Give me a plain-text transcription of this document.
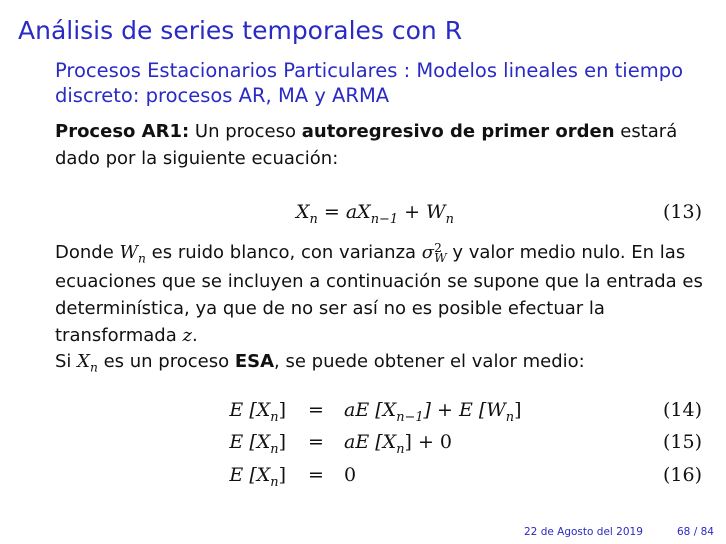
Análisis de series temporales con R
Procesos Estacionarios Particulares : Modelos lineales en tiempo discreto: procesos AR, MA y ARMA
Proceso AR1: Un proceso autoregresivo de primer orden estará dado por la siguiente ecuación:
$X_n = aX_{n-1} + W_n$	(13)
Donde $W_n$ es ruido blanco, con varianza σ 2
W y valor medio nulo. En las ecuaciones que se incluyen a continuación se supone que la entrada es determinística, ya que de no ser así no es posible efectuar la transformada z.
Si $X_n$ es un proceso ESA, se puede obtener el valor medio:
E $[X_n]$ = aE $[X_{n-1}] + E$ $[W_n]$	(14)
E $[X_n]$ = aE $[X_n] + 0$	(15)
E $[X_n] = 0$	(16)
22 de Agosto del 2019	68 / 84
